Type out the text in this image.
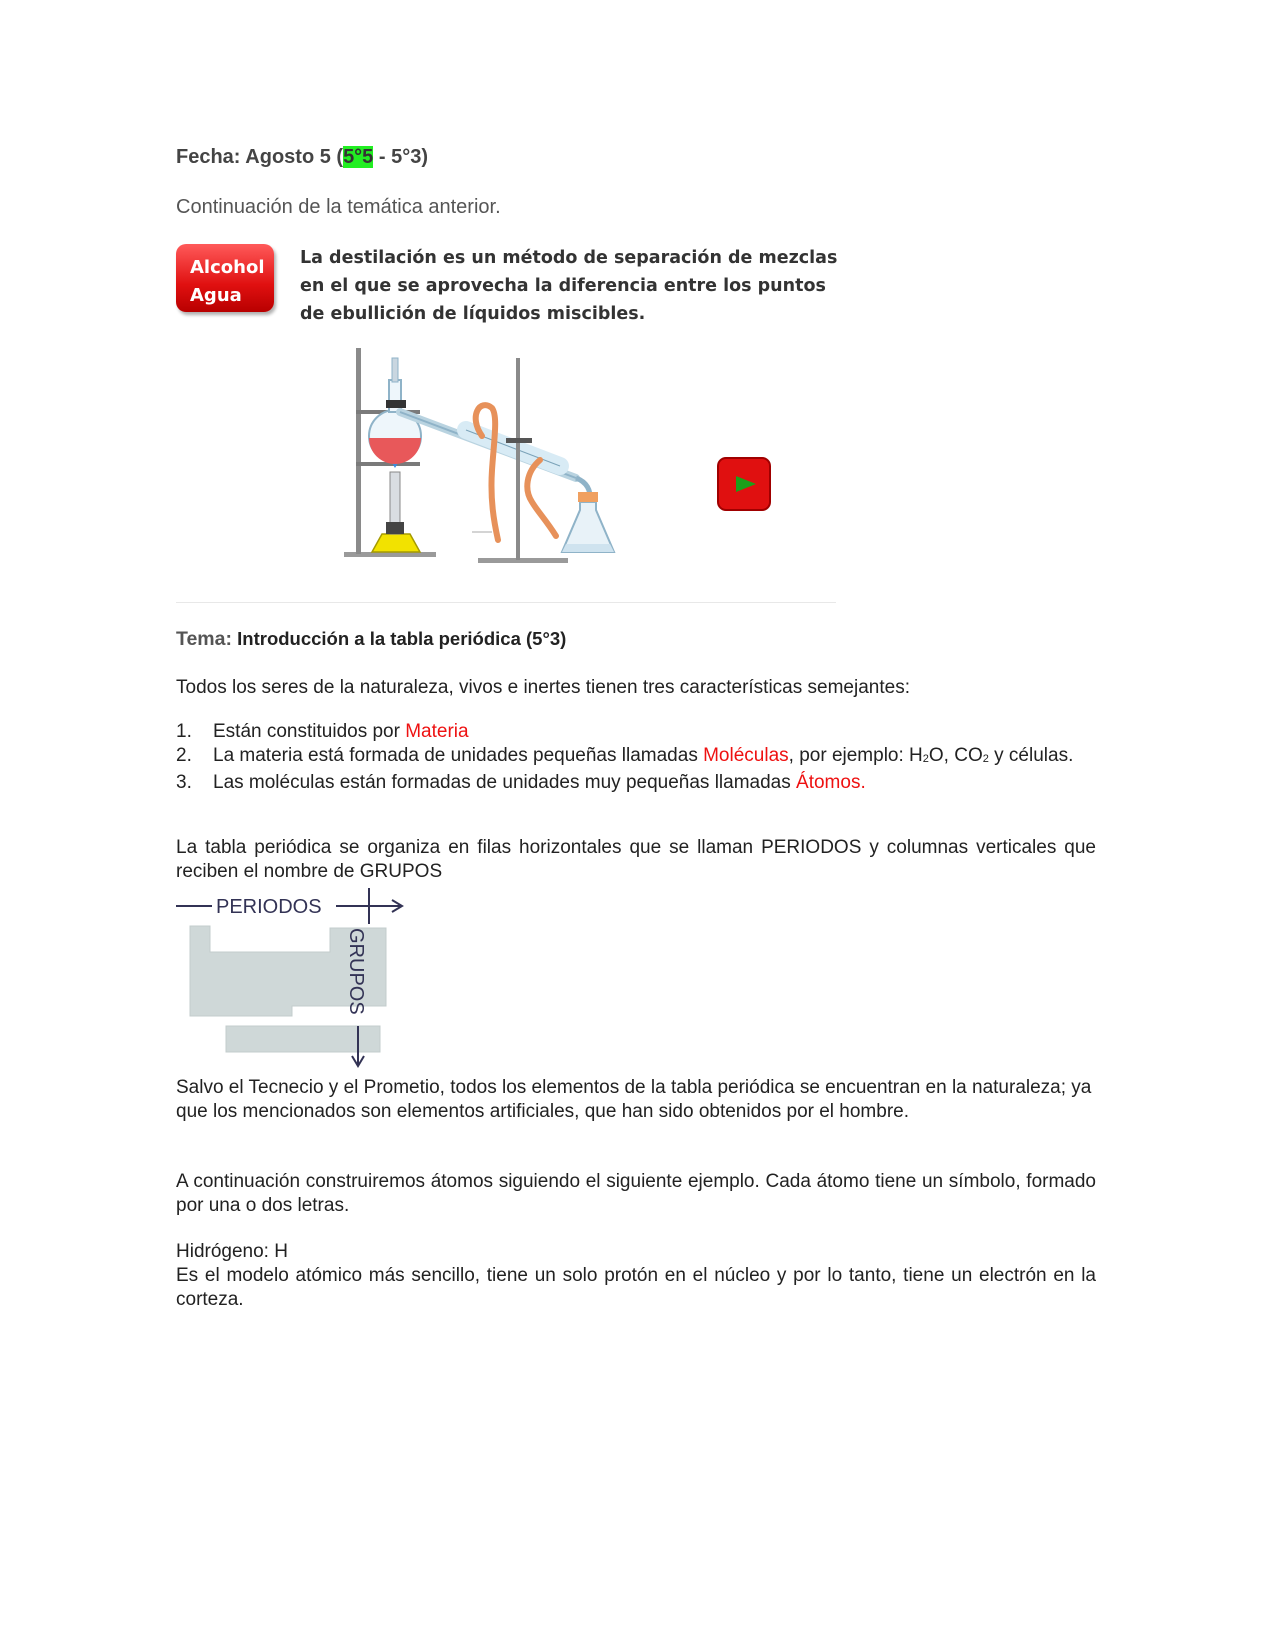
Fecha: Agosto 5 (5°5 - 5°3)
Continuación de la temática anterior.
Alcohol
Agua
La destilación es un método de separación de mezclas
en el que se aprovecha la diferencia entre los puntos
de ebullición de líquidos miscibles.
Tema: Introducción a la tabla periódica (5°3)
Todos los seres de la naturaleza, vivos e inertes tienen tres características semejantes:
1. Están constituidos por Materia
2. La materia está formada de unidades pequeñas llamadas Moléculas, por ejemplo: $H_2O$, $CO_2$ y células.
3. Las moléculas están formadas de unidades muy pequeñas llamadas Átomos.
La tabla periódica se organiza en filas horizontales que se llaman PERIODOS y columnas verticales que reciben el nombre de GRUPOS
PERIODOS
GRUPOS
Salvo el Tecnecio y el Prometio, todos los elementos de la tabla periódica se encuentran en la naturaleza; ya que los mencionados son elementos artificiales, que han sido obtenidos por el hombre.
A continuación construiremos átomos siguiendo el siguiente ejemplo. Cada átomo tiene un símbolo, formado por una o dos letras.
Hidrógeno: H
Es el modelo atómico más sencillo, tiene un solo protón en el núcleo y por lo tanto, tiene un electrón en la corteza.
